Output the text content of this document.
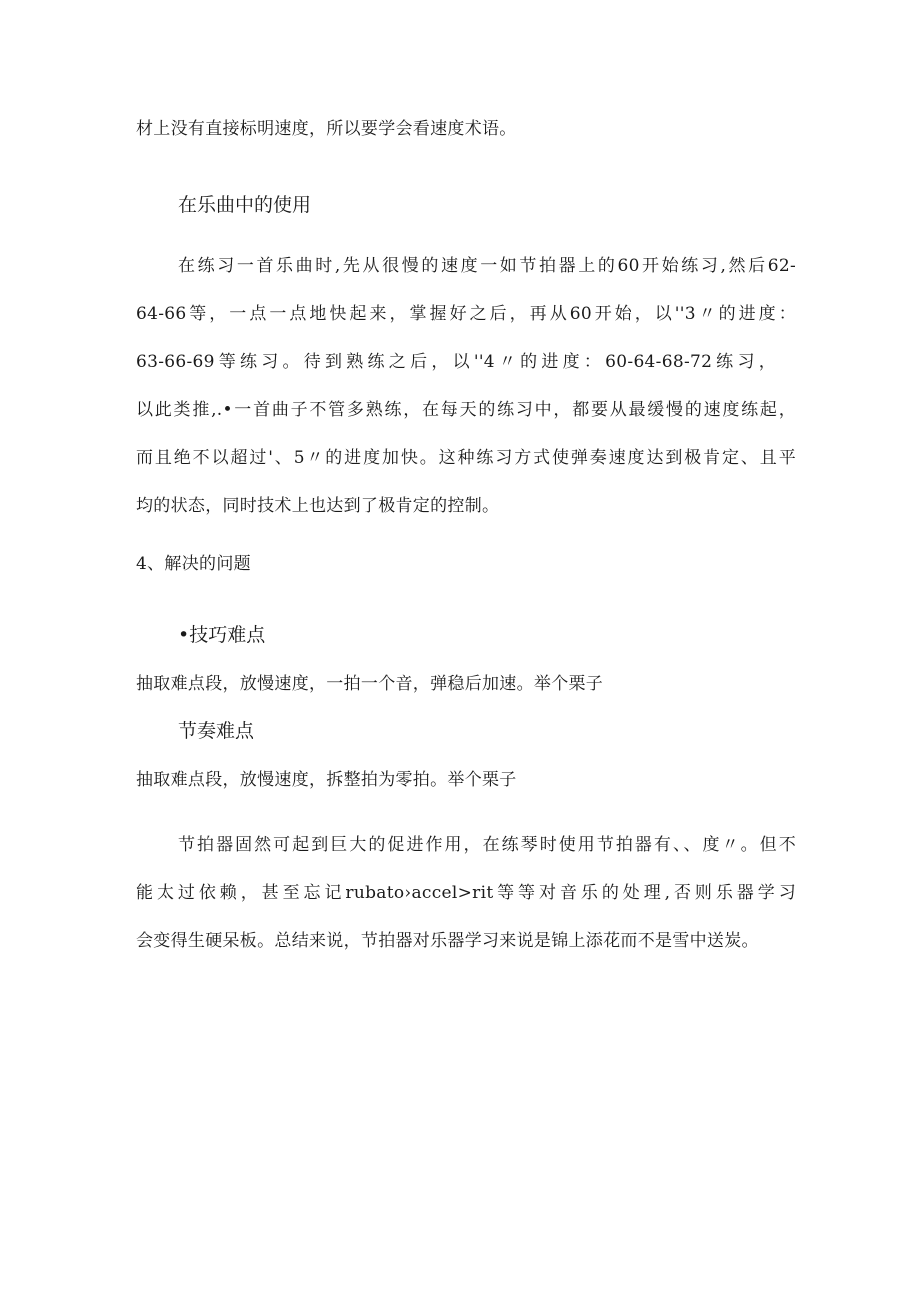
材上没有直接标明速度，所以要学会看速度术语。
在乐曲中的使用
在练习一首乐曲时,先从很慢的速度一如节拍器上的60开始练习,然后62-
64-66等，一点一点地快起来，掌握好之后，再从60开始，以''3〃的进度：
63-66-69等练习。待到熟练之后，以''4〃的进度：60-64-68-72练习，
以此类推,.•一首曲子不管多熟练，在每天的练习中，都要从最缓慢的速度练起，
而且绝不以超过'、5〃的进度加快。这种练习方式使弹奏速度达到极肯定、且平
均的状态，同时技术上也达到了极肯定的控制。
4、解决的问题
•技巧难点
抽取难点段，放慢速度，一拍一个音，弹稳后加速。举个栗子
节奏难点
抽取难点段，放慢速度，拆整拍为零拍。举个栗子
节拍器固然可起到巨大的促进作用，在练琴时使用节拍器有、、度〃。但不
能太过依赖，甚至忘记rubato›accel>rit等等对音乐的处理,否则乐器学习
会变得生硬呆板。总结来说，节拍器对乐器学习来说是锦上添花而不是雪中送炭。
